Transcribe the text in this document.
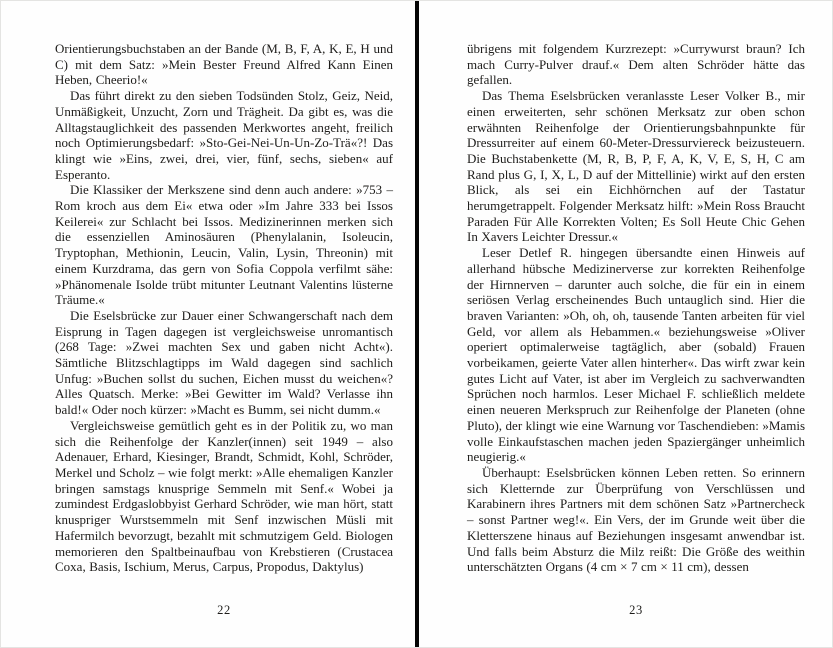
Orientierungsbuchstaben an der Bande (M, B, F, A, K, E, H und C) mit dem Satz: »Mein Bester Freund Alfred Kann Einen Heben, Cheerio!«

Das führt direkt zu den sieben Todsünden Stolz, Geiz, Neid, Unmäßigkeit, Unzucht, Zorn und Trägheit. Da gibt es, was die Alltagstauglichkeit des passenden Merkwortes angeht, freilich noch Optimierungsbedarf: »Sto-Gei-Nei-Un-Un-Zo-Trä«?! Das klingt wie »Eins, zwei, drei, vier, fünf, sechs, sieben« auf Esperanto.

Die Klassiker der Merkszene sind denn auch andere: »753 – Rom kroch aus dem Ei« etwa oder »Im Jahre 333 bei Issos Keilerei« zur Schlacht bei Issos. Medizinerinnen merken sich die essenziellen Aminosäuren (Phenylalanin, Isoleucin, Tryptophan, Methionin, Leucin, Valin, Lysin, Threonin) mit einem Kurzdrama, das gern von Sofia Coppola verfilmt sähe: »Phänomenale Isolde trübt mitunter Leutnant Valentins lüsterne Träume.«

Die Eselsbrücke zur Dauer einer Schwangerschaft nach dem Eisprung in Tagen dagegen ist vergleichsweise unromantisch (268 Tage: »Zwei machten Sex und gaben nicht Acht«). Sämtliche Blitzschlagtipps im Wald dagegen sind sachlich Unfug: »Buchen sollst du suchen, Eichen musst du weichen«? Alles Quatsch. Merke: »Bei Gewitter im Wald? Verlasse ihn bald!« Oder noch kürzer: »Macht es Bumm, sei nicht dumm.«

Vergleichsweise gemütlich geht es in der Politik zu, wo man sich die Reihenfolge der Kanzler(innen) seit 1949 – also Adenauer, Erhard, Kiesinger, Brandt, Schmidt, Kohl, Schröder, Merkel und Scholz – wie folgt merkt: »Alle ehemaligen Kanzler bringen samstags knusprige Semmeln mit Senf.« Wobei ja zumindest Erdgaslobbyist Gerhard Schröder, wie man hört, statt knuspriger Wurstsemmeln mit Senf inzwischen Müsli mit Hafermilch bevorzugt, bezahlt mit schmutzigem Geld. Biologen memorieren den Spaltbeinaufbau von Krebstieren (Crustacea Coxa, Basis, Ischium, Merus, Carpus, Propodus, Daktylus)

22

übrigens mit folgendem Kurzrezept: »Currywurst braun? Ich mach Curry-Pulver drauf.« Dem alten Schröder hätte das gefallen.

Das Thema Eselsbrücken veranlasste Leser Volker B., mir einen erweiterten, sehr schönen Merksatz zur oben schon erwähnten Reihenfolge der Orientierungsbahnpunkte für Dressurreiter auf einem 60-Meter-Dressurviereck beizusteuern. Die Buchstabenkette (M, R, B, P, F, A, K, V, E, S, H, C am Rand plus G, I, X, L, D auf der Mittellinie) wirkt auf den ersten Blick, als sei ein Eichhörnchen auf der Tastatur herumgetrappelt. Folgender Merksatz hilft: »Mein Ross Braucht Paraden Für Alle Korrekten Volten; Es Soll Heute Chic Gehen In Xavers Leichter Dressur.«

Leser Detlef R. hingegen übersandte einen Hinweis auf allerhand hübsche Medizinerverse zur korrekten Reihenfolge der Hirnnerven – darunter auch solche, die für ein in einem seriösen Verlag erscheinendes Buch untauglich sind. Hier die braven Varianten: »Oh, oh, oh, tausende Tanten arbeiten für viel Geld, vor allem als Hebammen.« beziehungsweise »Oliver operiert optimalerweise tagtäglich, aber (sobald) Frauen vorbeikamen, geierte Vater allen hinterher«. Das wirft zwar kein gutes Licht auf Vater, ist aber im Vergleich zu sachverwandten Sprüchen noch harmlos. Leser Michael F. schließlich meldete einen neueren Merkspruch zur Reihenfolge der Planeten (ohne Pluto), der klingt wie eine Warnung vor Taschendieben: »Mamis volle Einkaufstaschen machen jeden Spaziergänger unheimlich neugierig.«

Überhaupt: Eselsbrücken können Leben retten. So erinnern sich Kletternde zur Überprüfung von Verschlüssen und Karabinern ihres Partners mit dem schönen Satz »Partnercheck – sonst Partner weg!«. Ein Vers, der im Grunde weit über die Kletterszene hinaus auf Beziehungen insgesamt anwendbar ist. Und falls beim Absturz die Milz reißt: Die Größe des weithin unterschätzten Organs (4 cm × 7 cm × 11 cm), dessen

23
